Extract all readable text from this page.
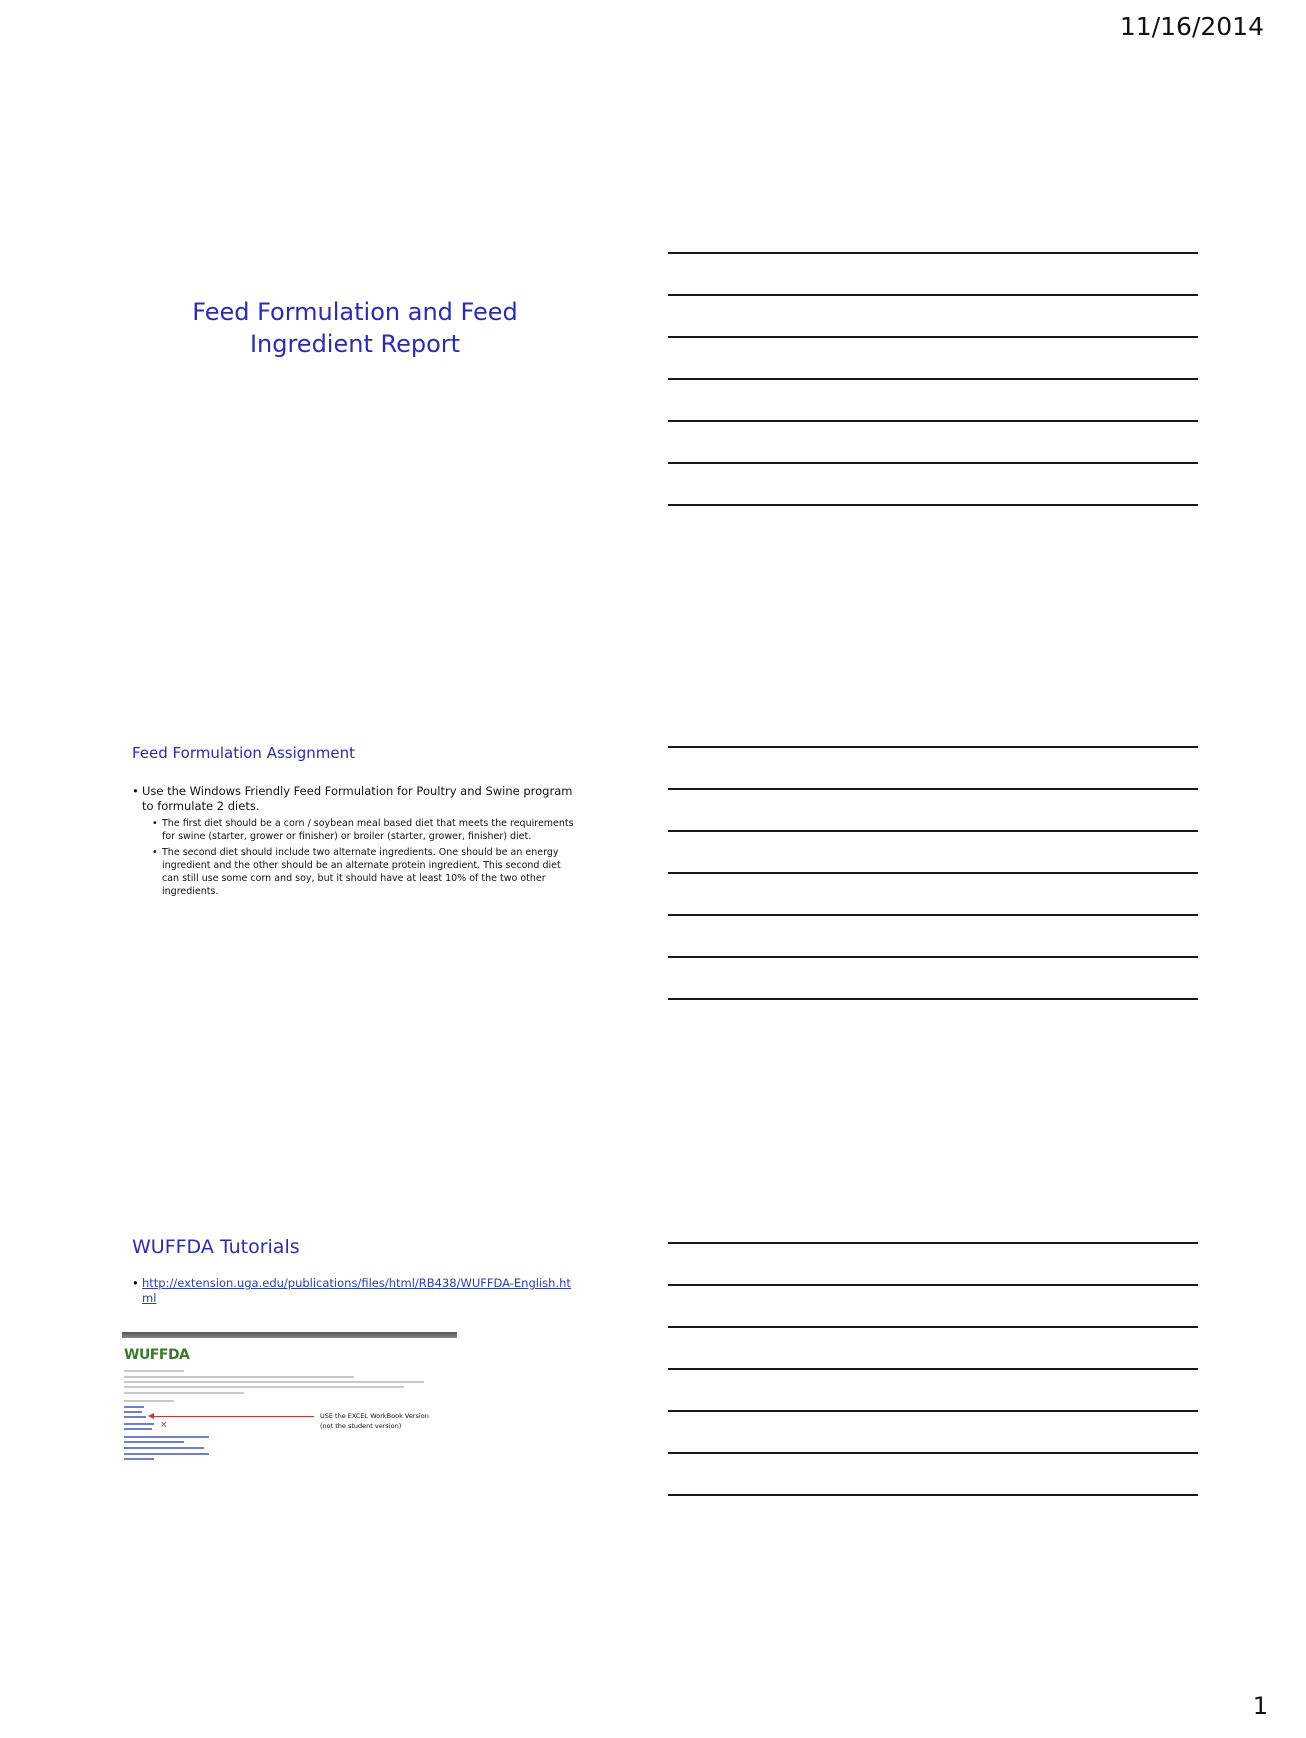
11/16/2014
Feed Formulation and Feed
Ingredient Report
Feed Formulation Assignment
• Use the Windows Friendly Feed Formulation for Poultry and Swine program to formulate 2 diets.
• The first diet should be a corn / soybean meal based diet that meets the requirements for swine (starter, grower or finisher) or broiler (starter, grower, finisher) diet.
• The second diet should include two alternate ingredients. One should be an energy ingredient and the other should be an alternate protein ingredient. This second diet can still use some corn and soy, but it should have at least 10% of the two other ingredients.
WUFFDA Tutorials
• http://extension.uga.edu/publications/files/html/RB438/WUFFDA-English.html
WUFFDA
×
USE the EXCEL WorkBook Version
(not the student version)
1
